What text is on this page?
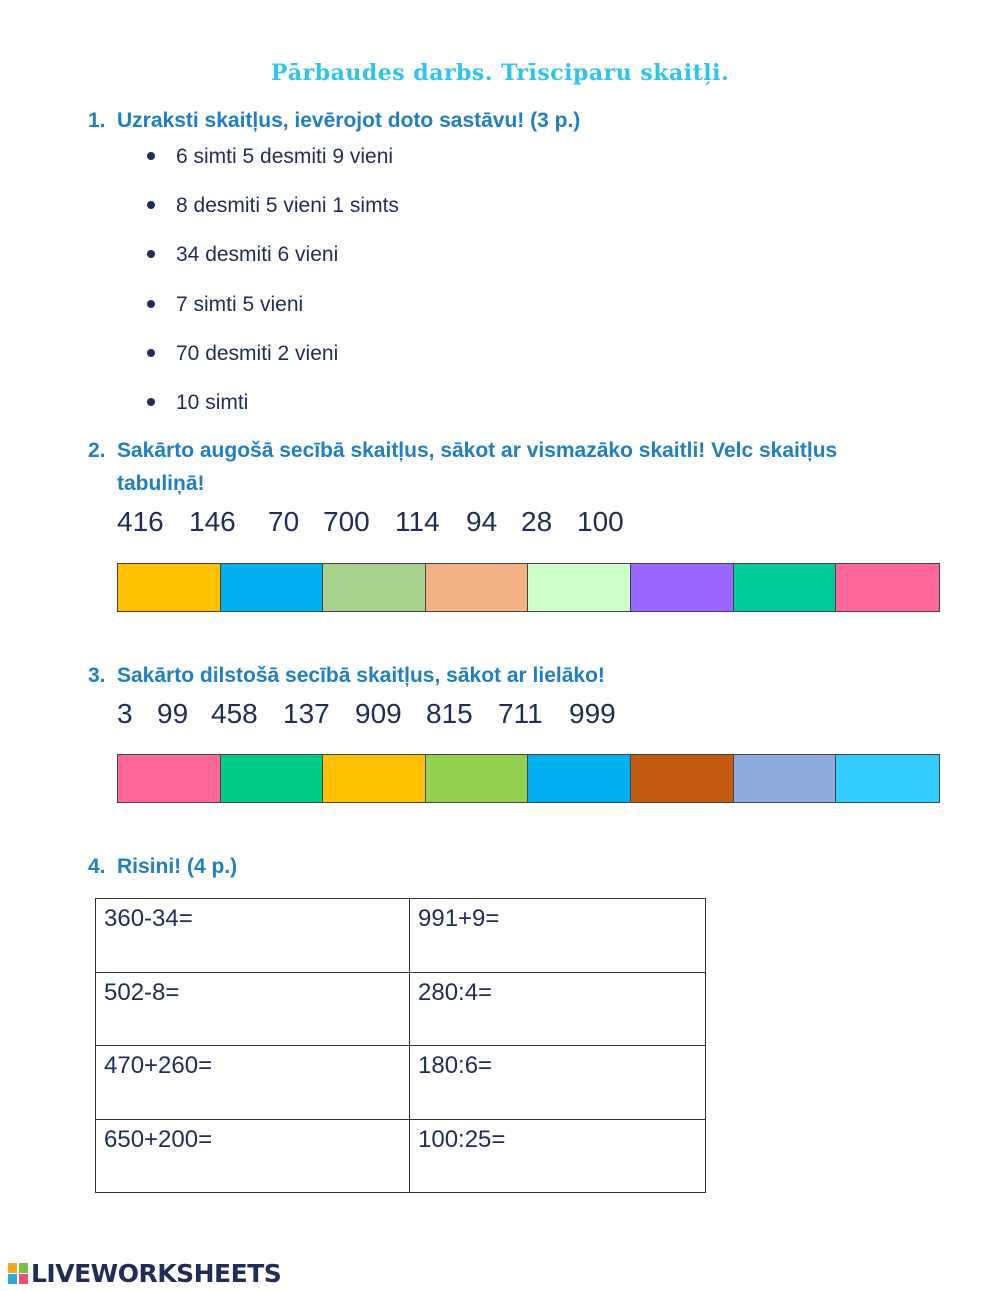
Pārbaudes darbs. Trīsciparu skaitļi.
1. Uzraksti skaitļus, ievērojot doto sastāvu! (3 p.)
6 simti 5 desmiti 9 vieni
8 desmiti 5 vieni 1 simts
34 desmiti 6 vieni
7 simti 5 vieni
70 desmiti 2 vieni
10 simti
2. Sakārto augošā secībā skaitļus, sākot ar vismazāko skaitli! Velc skaitļus
tabuliņā!

416

146

70

700

114

94

28

100

3. Sakārto dilstošā secībā skaitļus, sākot ar lielāko!

3

99

458

137

909

815

711

999

4. Risini! (4 p.)
360-34=	991+9=
502-8=	280:4=
470+260=	180:6=
650+200=	100:25=
LIVEWORKSHEETS
